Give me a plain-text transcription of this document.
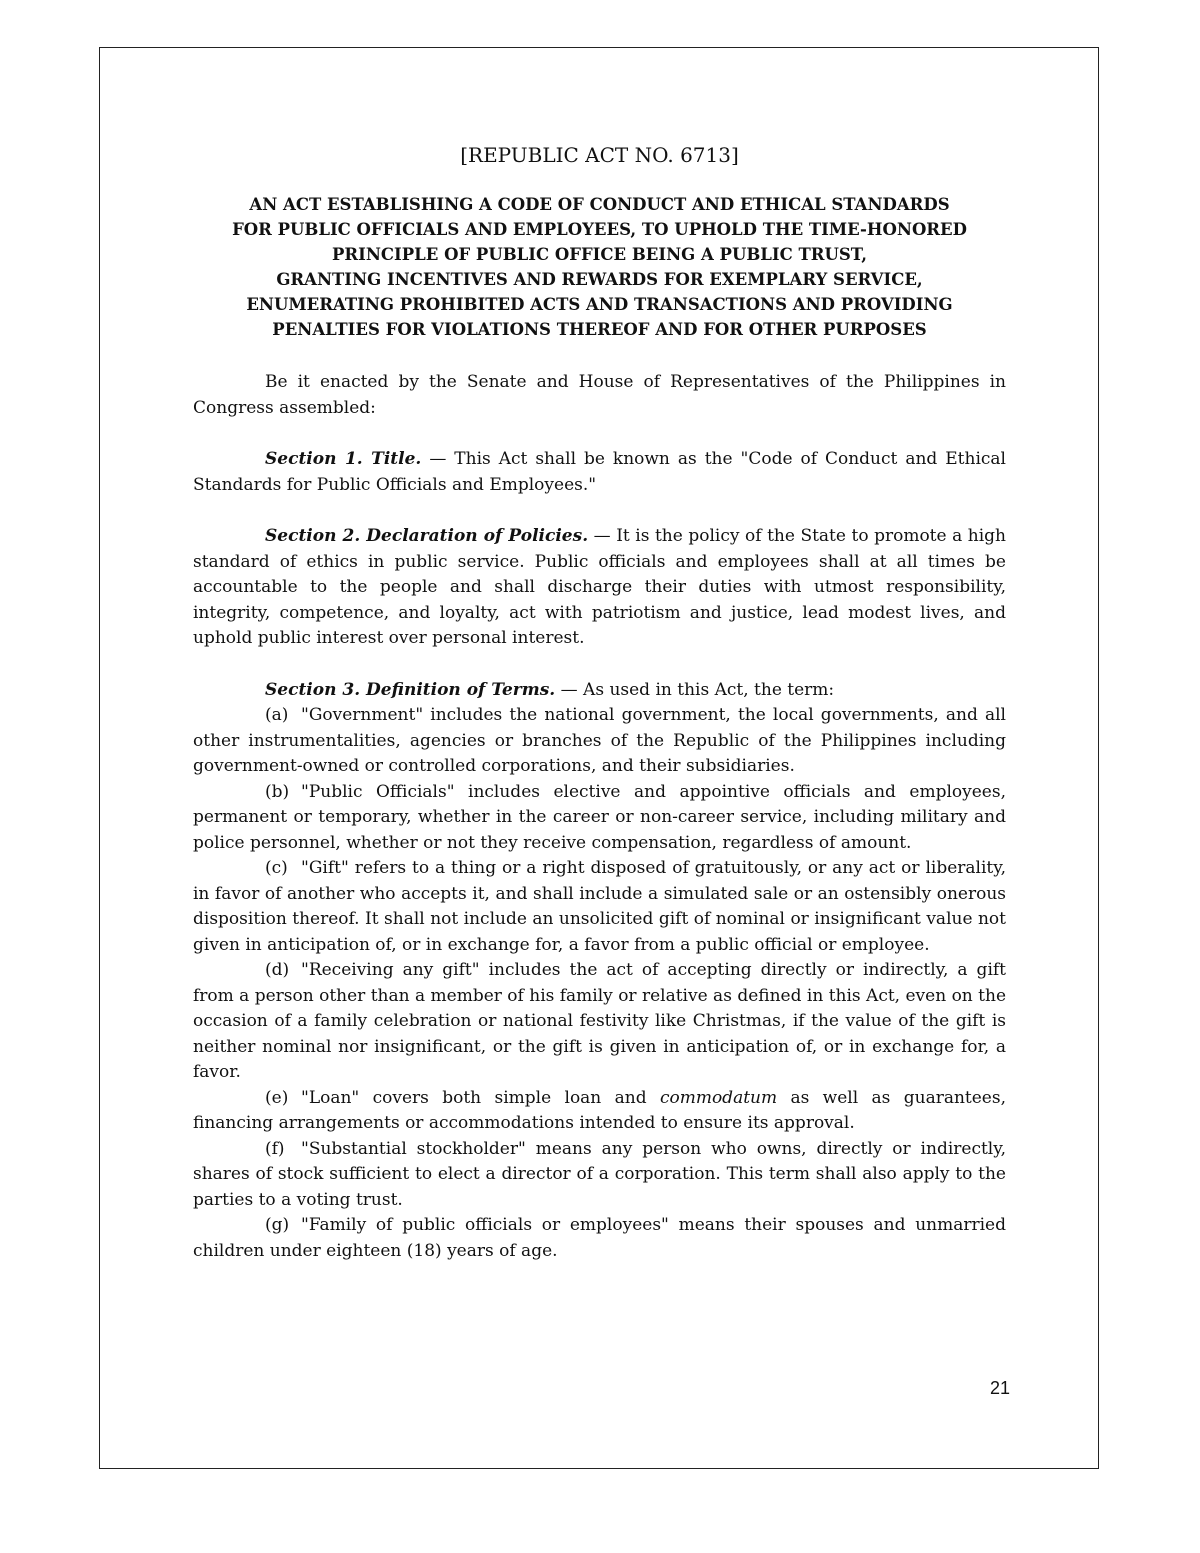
[REPUBLIC ACT NO. 6713]

AN ACT ESTABLISHING A CODE OF CONDUCT AND ETHICAL STANDARDS
FOR PUBLIC OFFICIALS AND EMPLOYEES, TO UPHOLD THE TIME-HONORED
PRINCIPLE OF PUBLIC OFFICE BEING A PUBLIC TRUST,
GRANTING INCENTIVES AND REWARDS FOR EXEMPLARY SERVICE,
ENUMERATING PROHIBITED ACTS AND TRANSACTIONS AND PROVIDING
PENALTIES FOR VIOLATIONS THEREOF AND FOR OTHER PURPOSES

Be it enacted by the Senate and House of Representatives of the Philippines in Congress assembled:

Section 1. Title. — This Act shall be known as the "Code of Conduct and Ethical Standards for Public Officials and Employees."

Section 2. Declaration of Policies. — It is the policy of the State to promote a high standard of ethics in public service. Public officials and employees shall at all times be accountable to the people and shall discharge their duties with utmost responsibility, integrity, competence, and loyalty, act with patriotism and justice, lead modest lives, and uphold public interest over personal interest.

Section 3. Definition of Terms. — As used in this Act, the term:

(a) "Government" includes the national government, the local governments, and all other instrumentalities, agencies or branches of the Republic of the Philippines including government-owned or controlled corporations, and their subsidiaries.

(b) "Public Officials" includes elective and appointive officials and employees, permanent or temporary, whether in the career or non-career service, including military and police personnel, whether or not they receive compensation, regardless of amount.

(c) "Gift" refers to a thing or a right disposed of gratuitously, or any act or liberality, in favor of another who accepts it, and shall include a simulated sale or an ostensibly onerous disposition thereof. It shall not include an unsolicited gift of nominal or insignificant value not given in anticipation of, or in exchange for, a favor from a public official or employee.

(d) "Receiving any gift" includes the act of accepting directly or indirectly, a gift from a person other than a member of his family or relative as defined in this Act, even on the occasion of a family celebration or national festivity like Christmas, if the value of the gift is neither nominal nor insignificant, or the gift is given in anticipation of, or in exchange for, a favor.

(e) "Loan" covers both simple loan and commodatum as well as guarantees, financing arrangements or accommodations intended to ensure its approval.

(f) "Substantial stockholder" means any person who owns, directly or indirectly, shares of stock sufficient to elect a director of a corporation. This term shall also apply to the parties to a voting trust.

(g) "Family of public officials or employees" means their spouses and unmarried children under eighteen (18) years of age.

21
